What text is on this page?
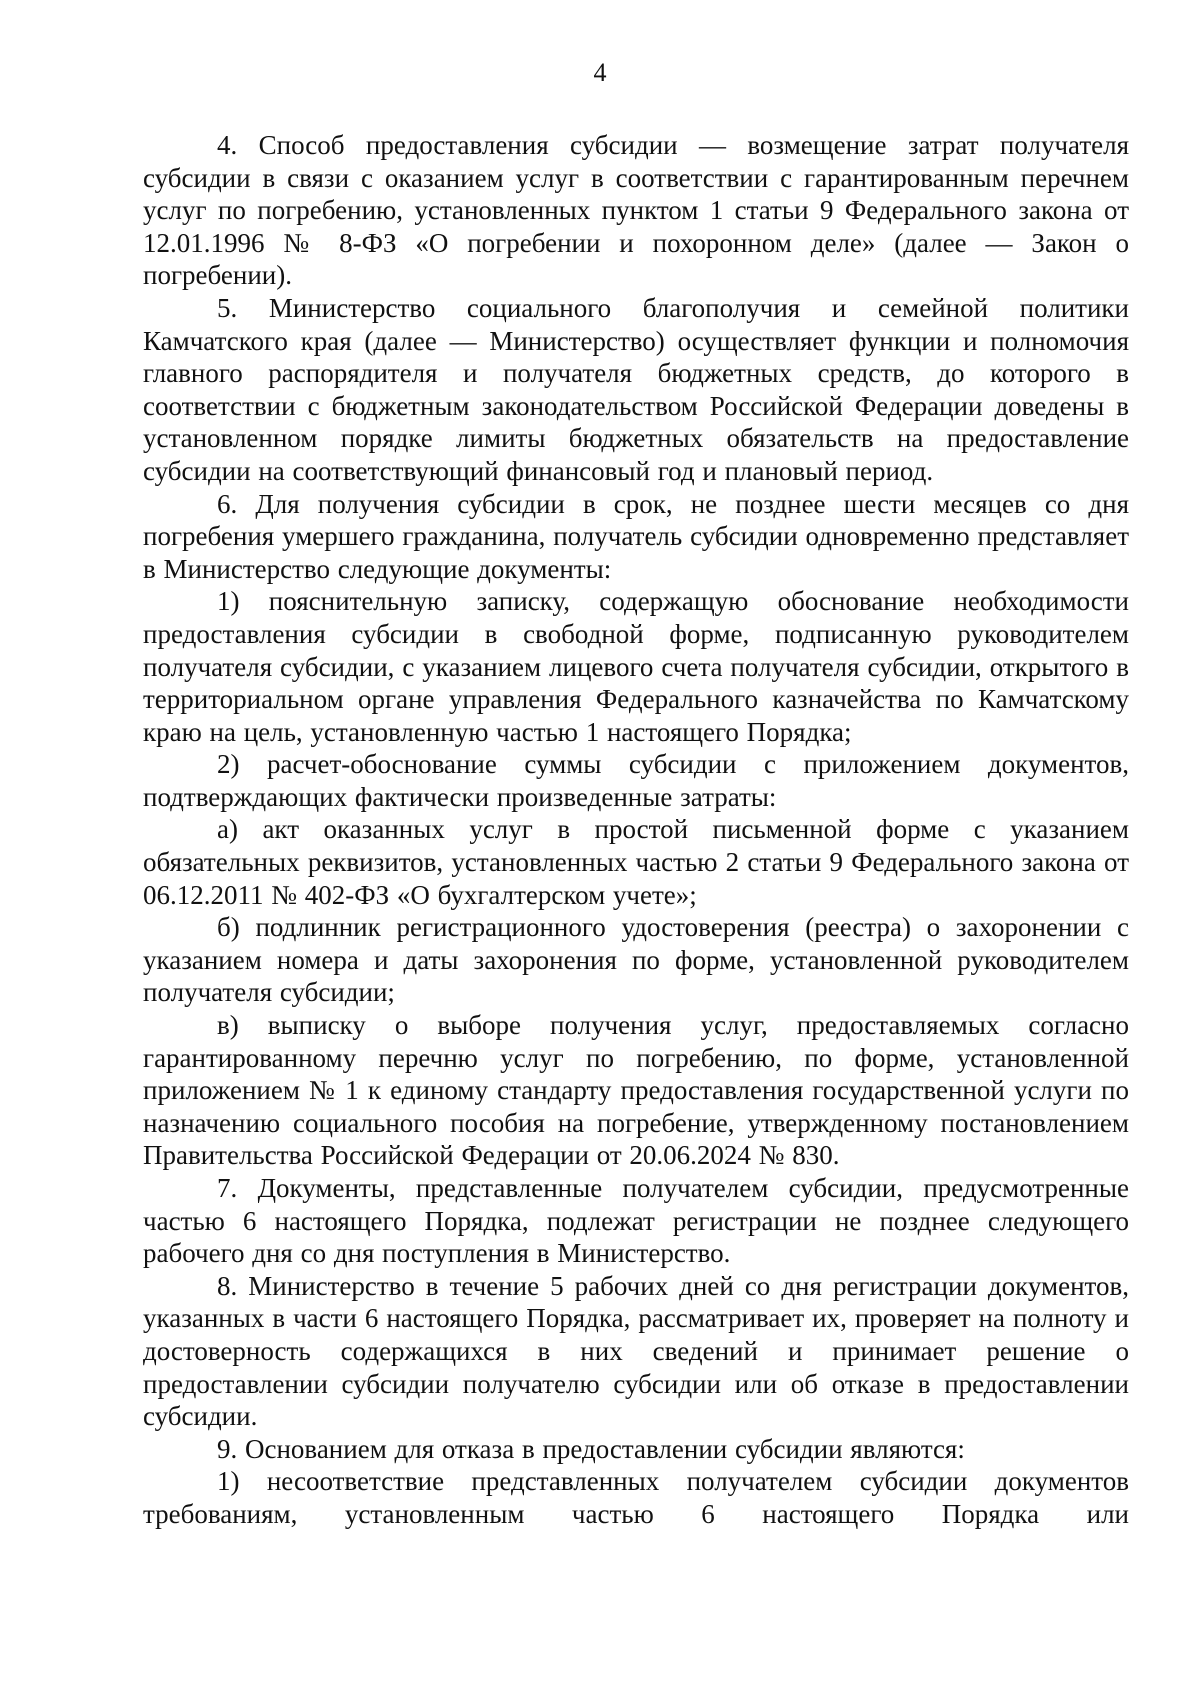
4

4. Способ предоставления субсидии — возмещение затрат получателя субсидии в связи с оказанием услуг в соответствии с гарантированным перечнем услуг по погребению, установленных пунктом 1 статьи 9 Федерального закона от 12.01.1996 № 8-ФЗ «О погребении и похоронном деле» (далее — Закон о погребении).

5. Министерство социального благополучия и семейной политики Камчатского края (далее — Министерство) осуществляет функции и полномочия главного распорядителя и получателя бюджетных средств, до которого в соответствии с бюджетным законодательством Российской Федерации доведены в установленном порядке лимиты бюджетных обязательств на предоставление субсидии на соответствующий финансовый год и плановый период.

6. Для получения субсидии в срок, не позднее шести месяцев со дня погребения умершего гражданина, получатель субсидии одновременно представляет в Министерство следующие документы:

1) пояснительную записку, содержащую обоснование необходимости предоставления субсидии в свободной форме, подписанную руководителем получателя субсидии, с указанием лицевого счета получателя субсидии, открытого в территориальном органе управления Федерального казначейства по Камчатскому краю на цель, установленную частью 1 настоящего Порядка;

2) расчет-обоснование суммы субсидии с приложением документов, подтверждающих фактически произведенные затраты:

а) акт оказанных услуг в простой письменной форме с указанием обязательных реквизитов, установленных частью 2 статьи 9 Федерального закона от 06.12.2011 № 402-ФЗ «О бухгалтерском учете»;

б) подлинник регистрационного удостоверения (реестра) о захоронении с указанием номера и даты захоронения по форме, установленной руководителем получателя субсидии;

в) выписку о выборе получения услуг, предоставляемых согласно гарантированному перечню услуг по погребению, по форме, установленной приложением № 1 к единому стандарту предоставления государственной услуги по назначению социального пособия на погребение, утвержденному постановлением Правительства Российской Федерации от 20.06.2024 № 830.

7. Документы, представленные получателем субсидии, предусмотренные частью 6 настоящего Порядка, подлежат регистрации не позднее следующего рабочего дня со дня поступления в Министерство.

8. Министерство в течение 5 рабочих дней со дня регистрации документов, указанных в части 6 настоящего Порядка, рассматривает их, проверяет на полноту и достоверность содержащихся в них сведений и принимает решение о предоставлении субсидии получателю субсидии или об отказе в предоставлении субсидии.

9. Основанием для отказа в предоставлении субсидии являются:

1) несоответствие представленных получателем субсидии документов требованиям, установленным частью 6 настоящего Порядка или
